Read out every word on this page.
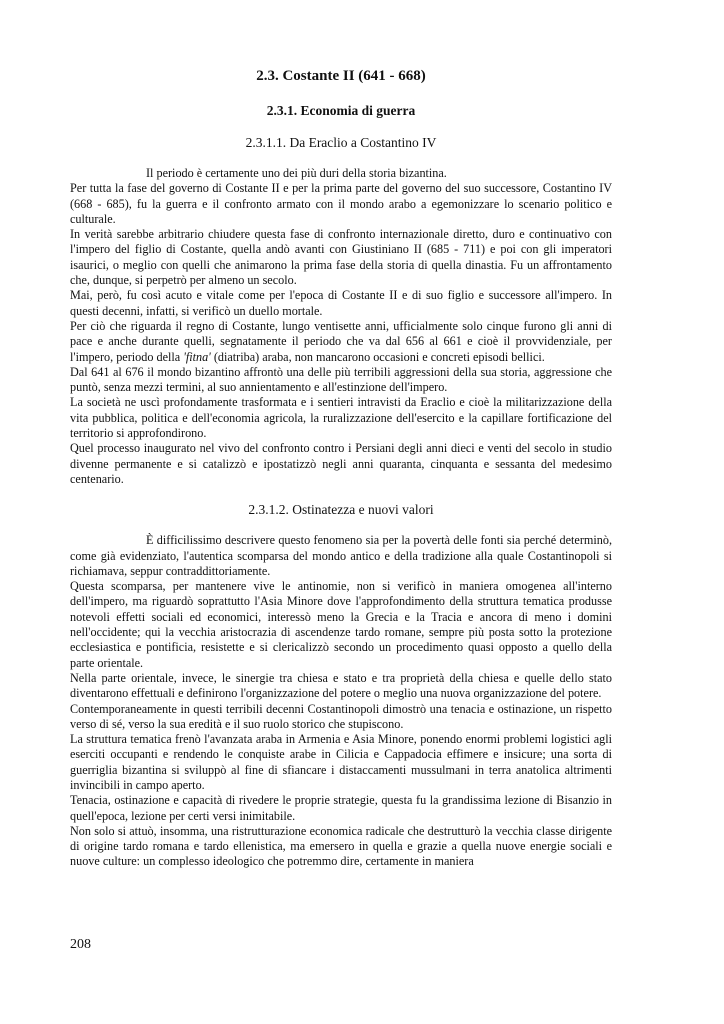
2.3. Costante II (641 - 668)
2.3.1. Economia di guerra
2.3.1.1. Da Eraclio a Costantino IV

Il periodo è certamente uno dei più duri della storia bizantina.

Per tutta la fase del governo di Costante II e per la prima parte del governo del suo successore, Costantino IV (668 - 685), fu la guerra e il confronto armato con il mondo arabo a egemonizzare lo scenario politico e culturale.

In verità sarebbe arbitrario chiudere questa fase di confronto internazionale diretto, duro e continuativo con l'impero del figlio di Costante, quella andò avanti con Giustiniano II (685 - 711) e poi con gli imperatori isaurici, o meglio con quelli che animarono la prima fase della storia di quella dinastia. Fu un affrontamento che, dunque, si perpetrò per almeno un secolo.

Mai, però, fu così acuto e vitale come per l'epoca di Costante II e di suo figlio e successore all'impero. In questi decenni, infatti, si verificò un duello mortale.

Per ciò che riguarda il regno di Costante, lungo ventisette anni, ufficialmente solo cinque furono gli anni di pace e anche durante quelli, segnatamente il periodo che va dal 656 al 661 e cioè il provvidenziale, per l'impero, periodo della 'fitna' (diatriba) araba, non mancarono occasioni e concreti episodi bellici.

Dal 641 al 676 il mondo bizantino affrontò una delle più terribili aggressioni della sua storia, aggressione che puntò, senza mezzi termini, al suo annientamento e all'estinzione dell'impero.

La società ne uscì profondamente trasformata e i sentieri intravisti da Eraclio e cioè la militarizzazione della vita pubblica, politica e dell'economia agricola, la ruralizzazione dell'esercito e la capillare fortificazione del territorio si approfondirono.

Quel processo inaugurato nel vivo del confronto contro i Persiani degli anni dieci e venti del secolo in studio divenne permanente e si catalizzò e ipostatizzò negli anni quaranta, cinquanta e sessanta del medesimo centenario.

2.3.1.2. Ostinatezza e nuovi valori

È difficilissimo descrivere questo fenomeno sia per la povertà delle fonti sia perché determinò, come già evidenziato, l'autentica scomparsa del mondo antico e della tradizione alla quale Costantinopoli si richiamava, seppur contraddittoriamente.

Questa scomparsa, per mantenere vive le antinomie, non si verificò in maniera omogenea all'interno dell'impero, ma riguardò soprattutto l'Asia Minore dove l'approfondimento della struttura tematica produsse notevoli effetti sociali ed economici, interessò meno la Grecia e la Tracia e ancora di meno i domini nell'occidente; qui la vecchia aristocrazia di ascendenze tardo romane, sempre più posta sotto la protezione ecclesiastica e pontificia, resistette e si clericalizzò secondo un procedimento quasi opposto a quello della parte orientale.

Nella parte orientale, invece, le sinergie tra chiesa e stato e tra proprietà della chiesa e quelle dello stato diventarono effettuali e definirono l'organizzazione del potere o meglio una nuova organizzazione del potere.

Contemporaneamente in questi terribili decenni Costantinopoli dimostrò una tenacia e ostinazione, un rispetto verso di sé, verso la sua eredità e il suo ruolo storico che stupiscono.

La struttura tematica frenò l'avanzata araba in Armenia e Asia Minore, ponendo enormi problemi logistici agli eserciti occupanti e rendendo le conquiste arabe in Cilicia e Cappadocia effimere e insicure; una sorta di guerriglia bizantina si sviluppò al fine di sfiancare i distaccamenti mussulmani in terra anatolica altrimenti invincibili in campo aperto.

Tenacia, ostinazione e capacità di rivedere le proprie strategie, questa fu la grandissima lezione di Bisanzio in quell'epoca, lezione per certi versi inimitabile.

Non solo si attuò, insomma, una ristrutturazione economica radicale che destrutturò la vecchia classe dirigente di origine tardo romana e tardo ellenistica, ma emersero in quella e grazie a quella nuove energie sociali e nuove culture: un complesso ideologico che potremmo dire, certamente in maniera

208
